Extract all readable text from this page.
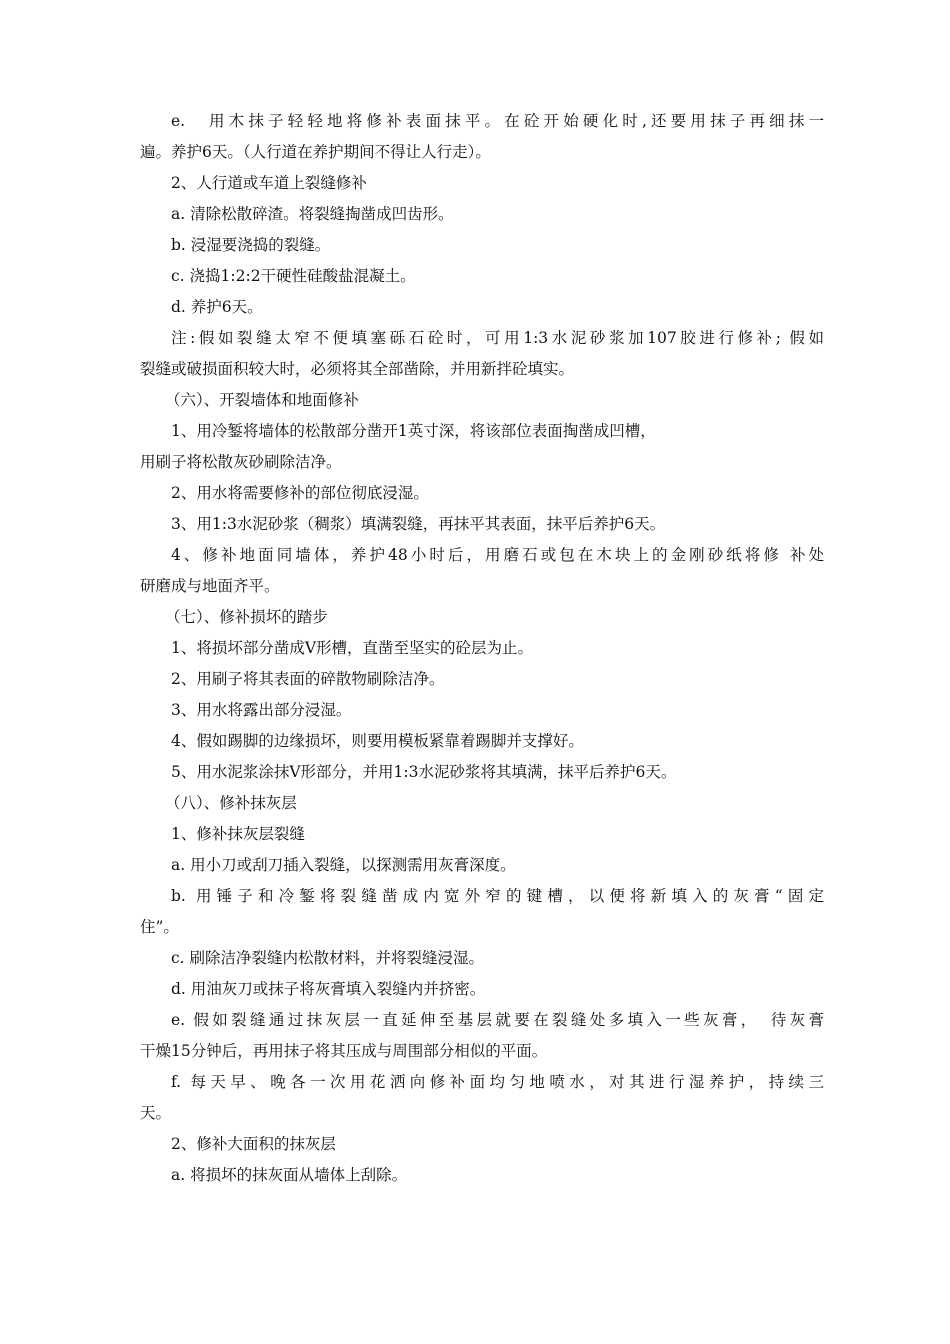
e.　用木抹子轻轻地将修补表面抹平。在砼开始硬化时,还要用抹子再细抹一
遍。养护6天。（人行道在养护期间不得让人行走）。
2、人行道或车道上裂缝修补
a. 清除松散碎渣。将裂缝掏凿成凹齿形。
b. 浸湿要浇捣的裂缝。
c. 浇捣1:2:2干硬性硅酸盐混凝土。
d. 养护6天。
注:假如裂缝太窄不便填塞砾石砼时，可用1:3水泥砂浆加107胶进行修补; 假如
裂缝或破损面积较大时，必须将其全部凿除，并用新拌砼填实。
（六）、开裂墙体和地面修补
1、用冷錾将墙体的松散部分凿开1英寸深，将该部位表面掏凿成凹槽，
用刷子将松散灰砂刷除洁净。
2、用水将需要修补的部位彻底浸湿。
3、用1:3水泥砂浆（稠浆）填满裂缝，再抹平其表面，抹平后养护6天。
4、修补地面同墙体，养护48小时后，用磨石或包在木块上的金刚砂纸将修 补处
研磨成与地面齐平。
（七）、修补损坏的踏步
1、将损坏部分凿成V形槽，直凿至坚实的砼层为止。
2、用刷子将其表面的碎散物刷除洁净。
3、用水将露出部分浸湿。
4、假如踢脚的边缘损坏，则要用模板紧靠着踢脚并支撑好。
5、用水泥浆涂抹V形部分，并用1:3水泥砂浆将其填满，抹平后养护6天。
（八）、修补抹灰层
1、修补抹灰层裂缝
a. 用小刀或刮刀插入裂缝，以探测需用灰膏深度。
b. 用锤子和冷錾将裂缝凿成内宽外窄的键槽，以便将新填入的灰膏“固定
住”。
c. 刷除洁净裂缝内松散材料，并将裂缝浸湿。
d. 用油灰刀或抹子将灰膏填入裂缝内并挤密。
e. 假如裂缝通过抹灰层一直延伸至基层就要在裂缝处多填入一些灰膏，　待灰膏
干燥15分钟后，再用抹子将其压成与周围部分相似的平面。
f. 每天早、晚各一次用花洒向修补面均匀地喷水，对其进行湿养护，持续三
天。
2、修补大面积的抹灰层
a. 将损坏的抹灰面从墙体上刮除。
